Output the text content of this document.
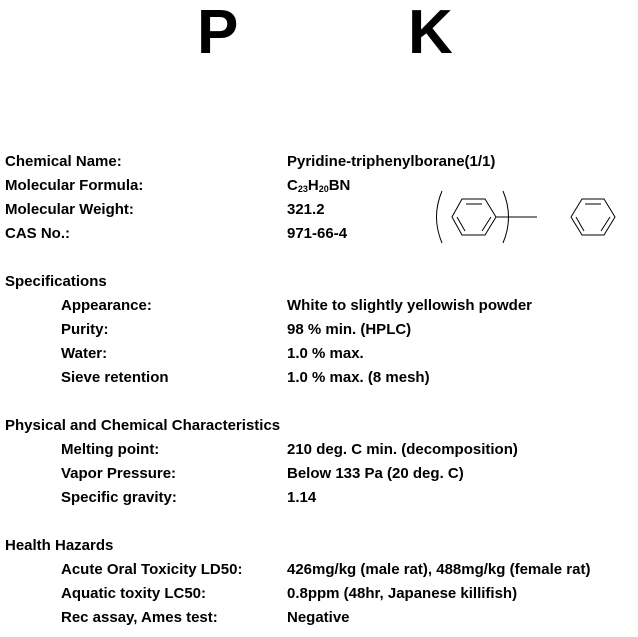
P	K
Chemical Name:	Pyridine-triphenylborane(1/1)
Molecular Formula:	$C_{23}H_{20}BN$
Molecular Weight:	321.2
CAS No.:	971-66-4
Specifications
Appearance:	White to slightly yellowish powder
Purity:	98 % min. (HPLC)
Water:	1.0 % max.
Sieve retention	1.0 % max. (8 mesh)
Physical and Chemical Characteristics
Melting point:	210 deg. C min. (decomposition)
Vapor Pressure:	Below 133 Pa (20 deg. C)
Specific gravity:	1.14
Health Hazards
Acute Oral Toxicity LD50:	426mg/kg (male rat), 488mg/kg (female rat)
Aquatic toxity LC50:	0.8ppm (48hr, Japanese killifish)
Rec assay, Ames test:	Negative
